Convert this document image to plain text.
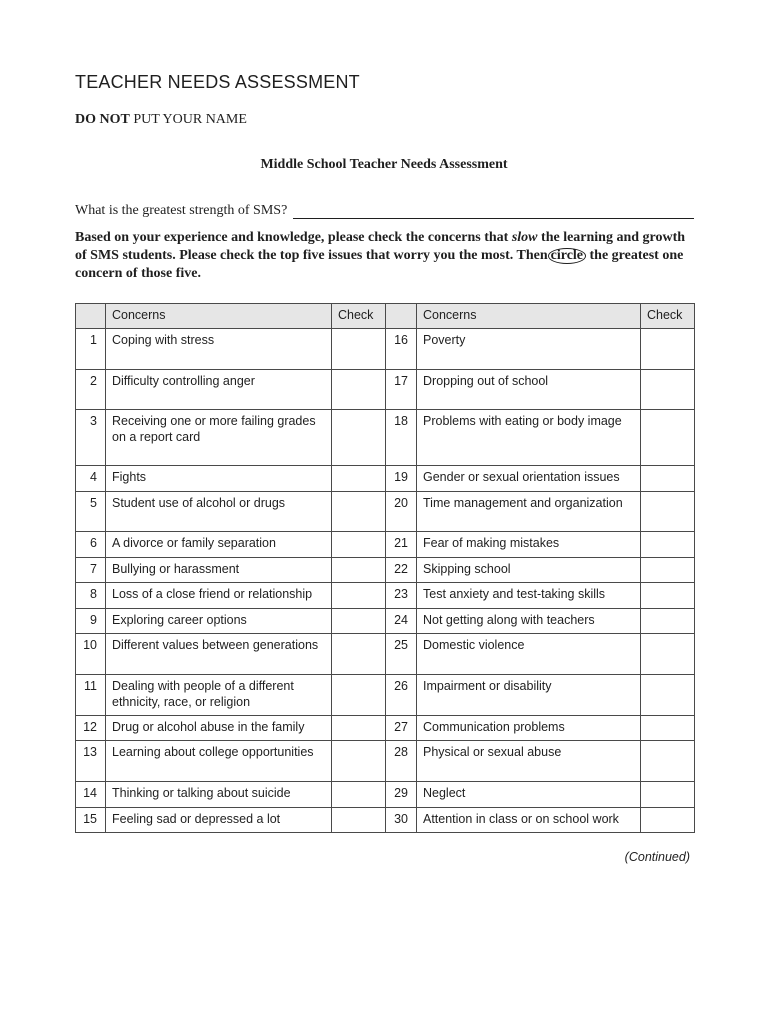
TEACHER NEEDS ASSESSMENT
DO NOT PUT YOUR NAME
Middle School Teacher Needs Assessment
What is the greatest strength of SMS?
Based on your experience and knowledge, please check the concerns that slow the learning and growth of SMS students. Please check the top five issues that worry you the most. Then circle the greatest one concern of those five.
	Concerns	Check		Concerns	Check
1	Coping with stress		16	Poverty	
2	Difficulty controlling anger		17	Dropping out of school	
3	Receiving one or more failing grades on a report card		18	Problems with eating or body image	
4	Fights		19	Gender or sexual orientation issues	
5	Student use of alcohol or drugs		20	Time management and organization	
6	A divorce or family separation		21	Fear of making mistakes	
7	Bullying or harassment		22	Skipping school	
8	Loss of a close friend or relationship		23	Test anxiety and test-taking skills	
9	Exploring career options		24	Not getting along with teachers	
10	Different values between generations		25	Domestic violence	
11	Dealing with people of a different ethnicity, race, or religion		26	Impairment or disability	
12	Drug or alcohol abuse in the family		27	Communication problems	
13	Learning about college opportunities		28	Physical or sexual abuse	
14	Thinking or talking about suicide		29	Neglect	
15	Feeling sad or depressed a lot		30	Attention in class or on school work	
(Continued)
